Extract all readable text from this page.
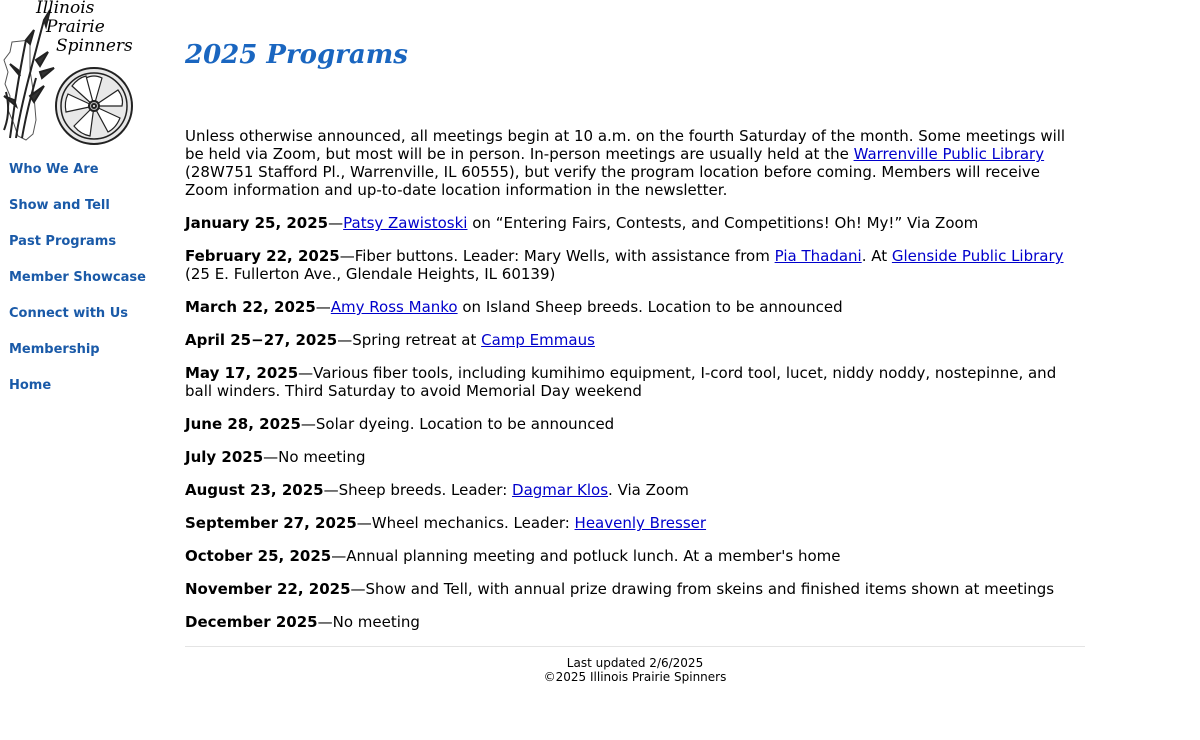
Illinois
Prairie
Spinners
Who We Are
Show and Tell
Past Programs
Member Showcase
Connect with Us
Membership
Home
2025 Programs

Unless otherwise announced, all meetings begin at 10 a.m. on the fourth Saturday of the month. Some meetings will be held via Zoom, but most will be in person. In-person meetings are usually held at the Warrenville Public Library (28W751 Stafford Pl., Warrenville, IL 60555), but verify the program location before coming. Members will receive Zoom information and up-to-date location information in the newsletter.

January 25, 2025—Patsy Zawistoski on “Entering Fairs, Contests, and Competitions! Oh! My!” Via Zoom

February 22, 2025—Fiber buttons. Leader: Mary Wells, with assistance from Pia Thadani. At Glenside Public Library (25 E. Fullerton Ave., Glendale Heights, IL 60139)

March 22, 2025—Amy Ross Manko on Island Sheep breeds. Location to be announced

April 25−27, 2025—Spring retreat at Camp Emmaus

May 17, 2025—Various fiber tools, including kumihimo equipment, I-cord tool, lucet, niddy noddy, nostepinne, and ball winders. Third Saturday to avoid Memorial Day weekend

June 28, 2025—Solar dyeing. Location to be announced

July 2025—No meeting

August 23, 2025—Sheep breeds. Leader: Dagmar Klos. Via Zoom

September 27, 2025—Wheel mechanics. Leader: Heavenly Bresser

October 25, 2025—Annual planning meeting and potluck lunch. At a member's home

November 22, 2025—Show and Tell, with annual prize drawing from skeins and finished items shown at meetings

December 2025—No meeting

Last updated 2/6/2025
©2025 Illinois Prairie Spinners
